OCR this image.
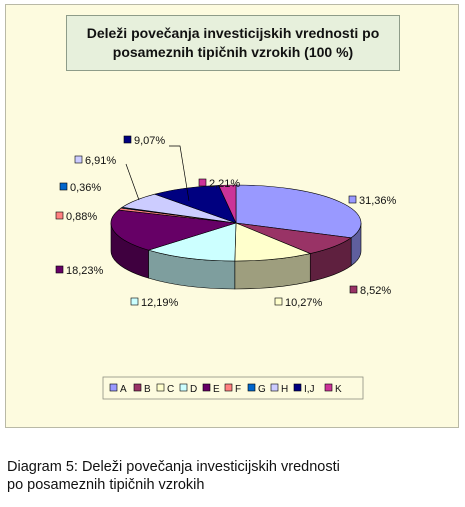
Deleži povečanja investicijskih vrednosti po posameznih tipičnih vzrokih (100 %)
31,36%
8,52%
10,27%
12,19%
18,23%
0,88%
0,36%
6,91%
9,07%
2,21%
A B C D E F G H I,J K
Diagram 5: Deleži povečanja investicijskih vrednosti
po posameznih tipičnih vzrokih
